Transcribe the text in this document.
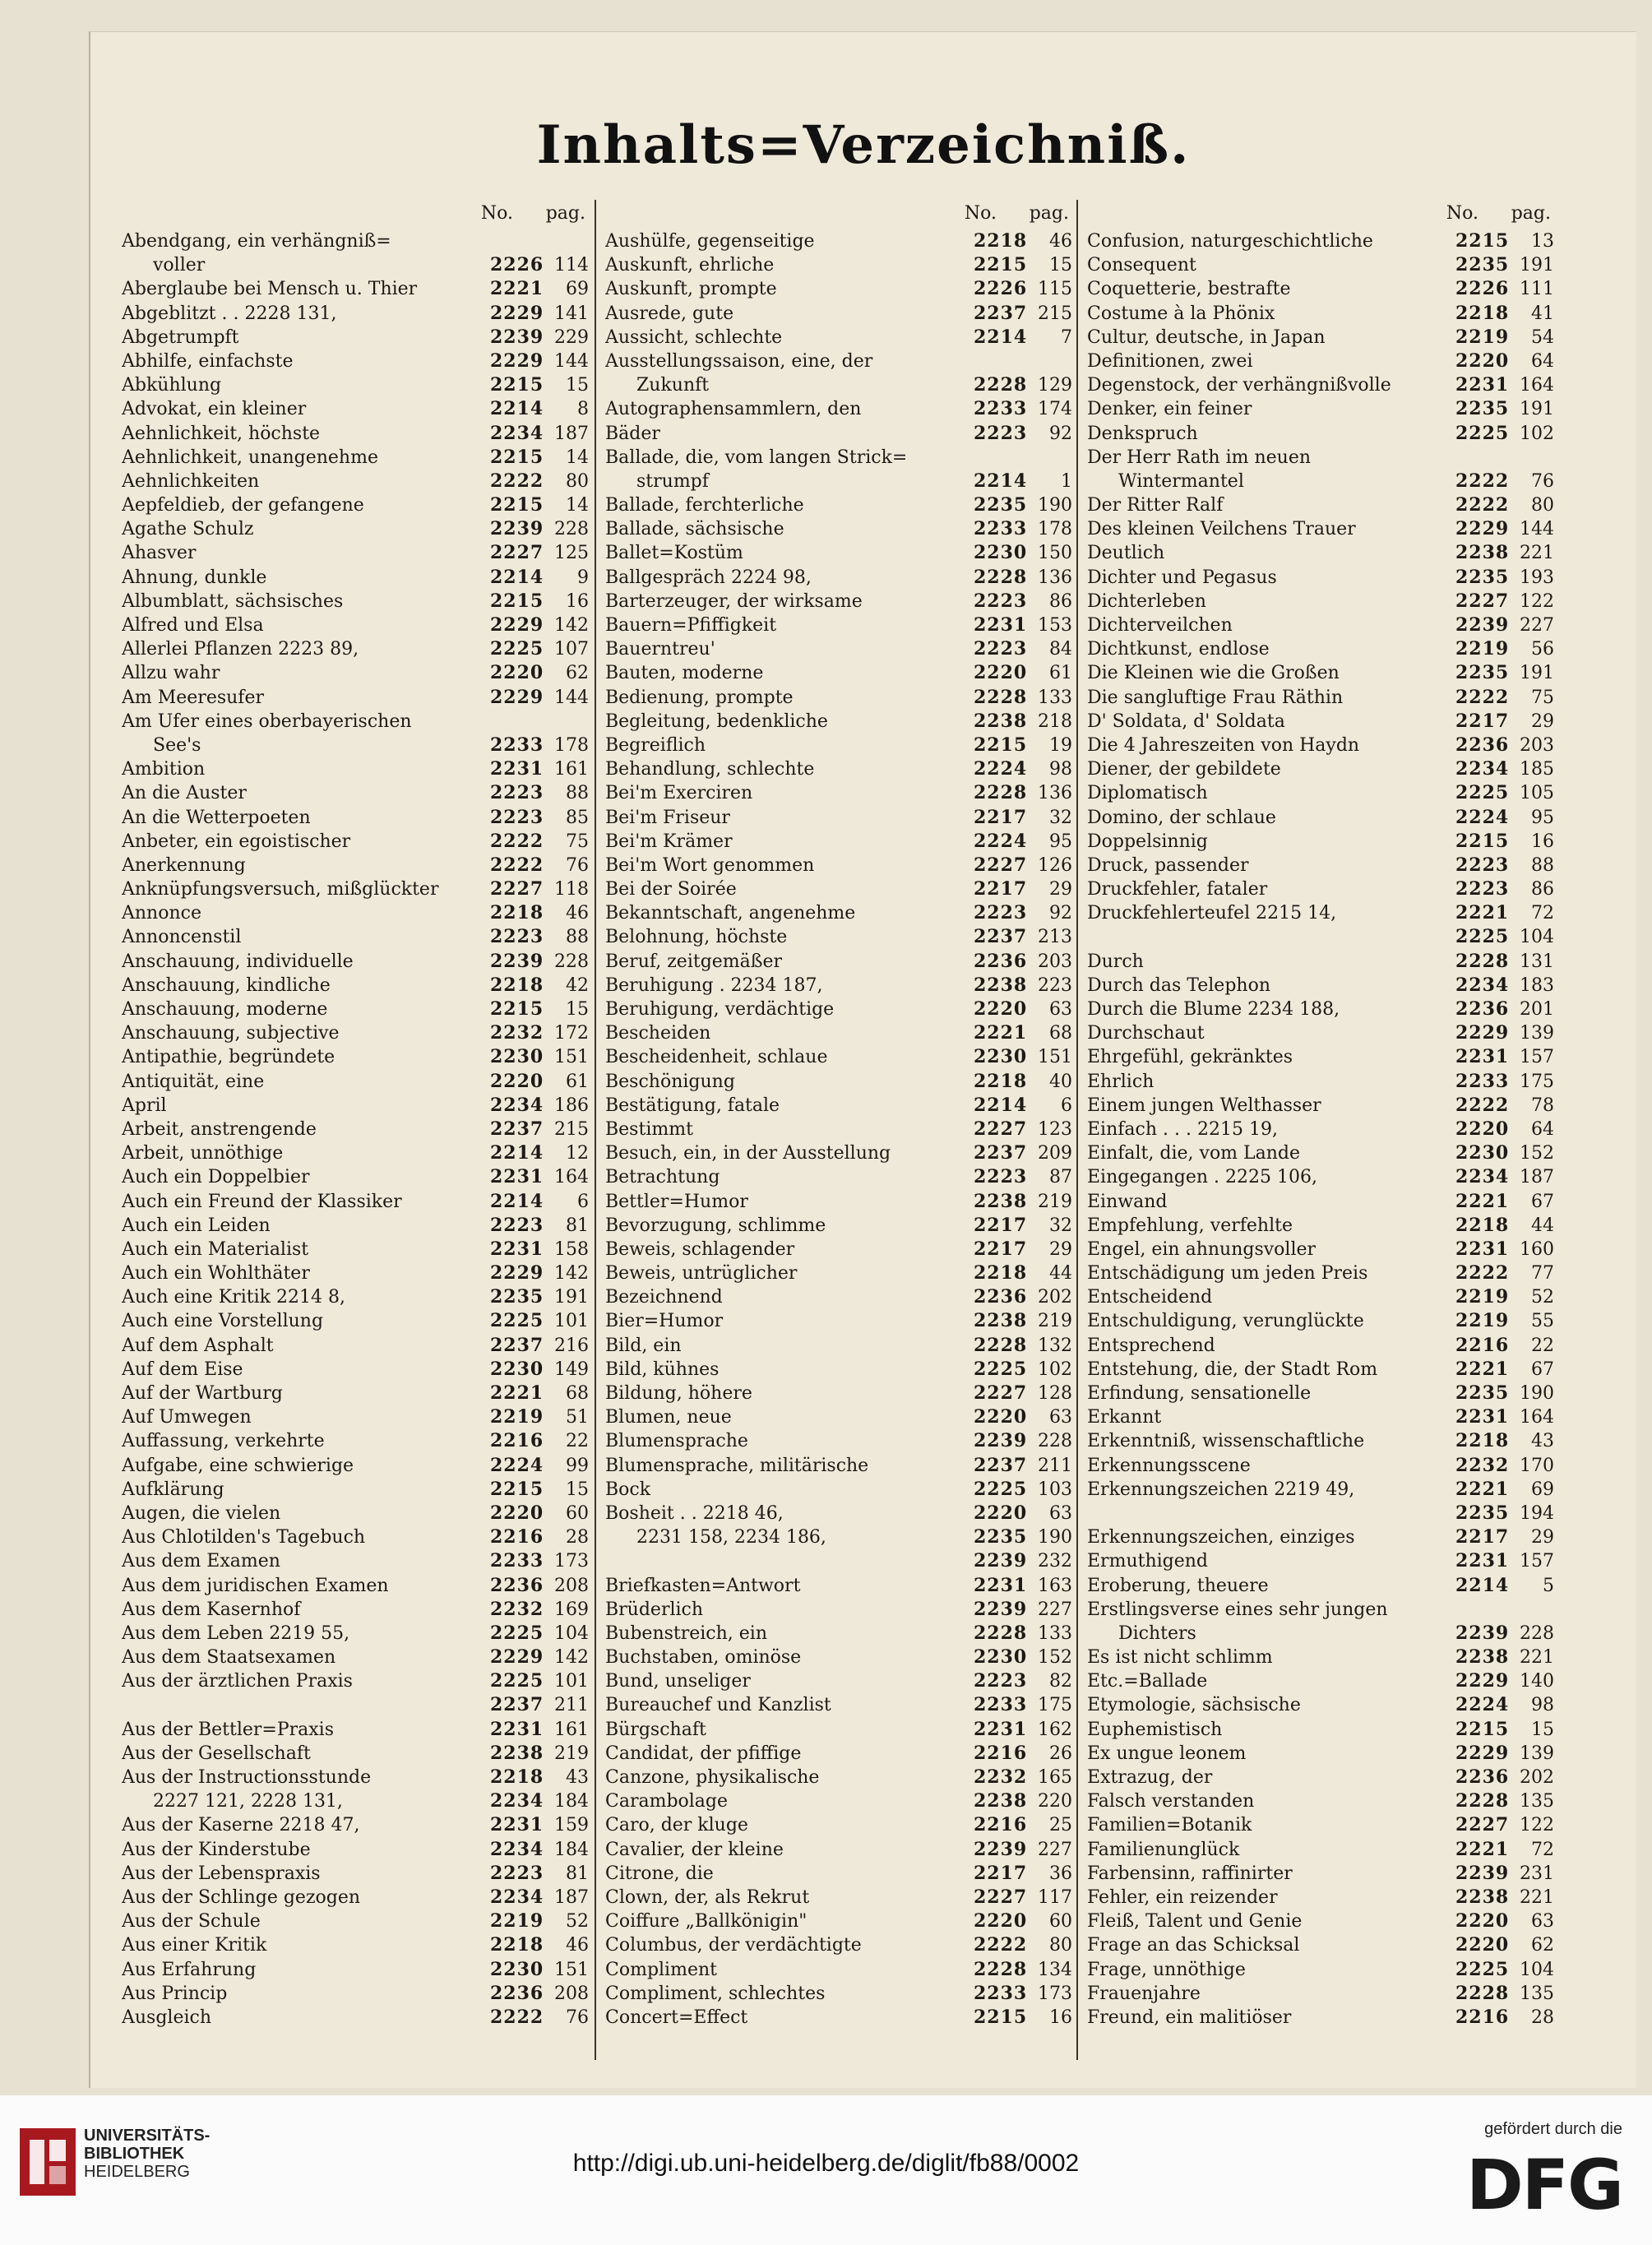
Inhalts=Verzeichniß.
No. pag.
Abendgang, ein verhängniß=
voller	2226 114
Aberglaube bei Mensch u. Thier	2221	69
Abgeblitzt . . 2228 131,	2229 141
Abgetrumpft	2239 229
Abhilfe, einfachste	2229 144
Abkühlung	2215	15
Advokat, ein kleiner	2214	8
Aehnlichkeit, höchste	2234 187
Aehnlichkeit, unangenehme	2215	14
Aehnlichkeiten	2222	80
Aepfeldieb, der gefangene	2215	14
Agathe Schulz	2239 228
Ahasver	2227 125
Ahnung, dunkle	2214	9
Albumblatt, sächsisches	2215	16
Alfred und Elsa	2229 142
Allerlei Pflanzen 2223 89,	2225 107
Allzu wahr	2220	62
Am Meeresufer	2229 144
Am Ufer eines oberbayerischen
See's	2233 178
Ambition	2231 161
An die Auster	2223	88
An die Wetterpoeten	2223	85
Anbeter, ein egoistischer	2222	75
Anerkennung	2222	76
Anknüpfungsversuch, mißglückter	2227 118
Annonce	2218	46
Annoncenstil	2223	88
Anschauung, individuelle	2239 228
Anschauung, kindliche	2218	42
Anschauung, moderne	2215	15
Anschauung, subjective	2232 172
Antipathie, begründete	2230 151
Antiquität, eine	2220	61
April	2234 186
Arbeit, anstrengende	2237 215
Arbeit, unnöthige	2214	12
Auch ein Doppelbier	2231 164
Auch ein Freund der Klassiker	2214	6
Auch ein Leiden	2223	81
Auch ein Materialist	2231 158
Auch ein Wohlthäter	2229 142
Auch eine Kritik 2214 8,	2235 191
Auch eine Vorstellung	2225 101
Auf dem Asphalt	2237 216
Auf dem Eise	2230 149
Auf der Wartburg	2221	68
Auf Umwegen	2219	51
Auffassung, verkehrte	2216	22
Aufgabe, eine schwierige	2224	99
Aufklärung	2215	15
Augen, die vielen	2220	60
Aus Chlotilden's Tagebuch	2216	28
Aus dem Examen	2233 173
Aus dem juridischen Examen	2236 208
Aus dem Kasernhof	2232 169
Aus dem Leben 2219 55,	2225 104
Aus dem Staatsexamen	2229 142
Aus der ärztlichen Praxis	2225 101
2237 211
Aus der Bettler=Praxis	2231 161
Aus der Gesellschaft	2238 219
Aus der Instructionsstunde	2218	43
2227 121, 2228 131,	2234 184
Aus der Kaserne 2218 47,	2231 159
Aus der Kinderstube	2234 184
Aus der Lebenspraxis	2223	81
Aus der Schlinge gezogen	2234 187
Aus der Schule	2219	52
Aus einer Kritik	2218	46
Aus Erfahrung	2230 151
Aus Princip	2236 208
Ausgleich	2222	76
No. pag.
Aushülfe, gegenseitige	2218	46
Auskunft, ehrliche	2215	15
Auskunft, prompte	2226 115
Ausrede, gute	2237 215
Aussicht, schlechte	2214	7
Ausstellungssaison, eine, der
Zukunft	2228 129
Autographensammlern, den	2233 174
Bäder	2223	92
Ballade, die, vom langen Strick=
strumpf	2214	1
Ballade, ferchterliche	2235 190
Ballade, sächsische	2233 178
Ballet=Kostüm	2230 150
Ballgespräch 2224 98,	2228 136
Barterzeuger, der wirksame	2223	86
Bauern=Pfiffigkeit	2231 153
Bauerntreu'	2223	84
Bauten, moderne	2220	61
Bedienung, prompte	2228 133
Begleitung, bedenkliche	2238 218
Begreiflich	2215	19
Behandlung, schlechte	2224	98
Bei'm Exerciren	2228 136
Bei'm Friseur	2217	32
Bei'm Krämer	2224	95
Bei'm Wort genommen	2227 126
Bei der Soirée	2217	29
Bekanntschaft, angenehme	2223	92
Belohnung, höchste	2237 213
Beruf, zeitgemäßer	2236 203
Beruhigung . 2234 187,	2238 223
Beruhigung, verdächtige	2220	63
Bescheiden	2221	68
Bescheidenheit, schlaue	2230 151
Beschönigung	2218	40
Bestätigung, fatale	2214	6
Bestimmt	2227 123
Besuch, ein, in der Ausstellung	2237 209
Betrachtung	2223	87
Bettler=Humor	2238 219
Bevorzugung, schlimme	2217	32
Beweis, schlagender	2217	29
Beweis, untrüglicher	2218	44
Bezeichnend	2236 202
Bier=Humor	2238 219
Bild, ein	2228 132
Bild, kühnes	2225 102
Bildung, höhere	2227 128
Blumen, neue	2220	63
Blumensprache	2239 228
Blumensprache, militärische	2237 211
Bock	2225 103
Bosheit . . 2218 46,	2220	63
2231 158, 2234 186,	2235 190
2239 232
Briefkasten=Antwort	2231 163
Brüderlich	2239 227
Bubenstreich, ein	2228 133
Buchstaben, ominöse	2230 152
Bund, unseliger	2223	82
Bureauchef und Kanzlist	2233 175
Bürgschaft	2231 162
Candidat, der pfiffige	2216	26
Canzone, physikalische	2232 165
Carambolage	2238 220
Caro, der kluge	2216	25
Cavalier, der kleine	2239 227
Citrone, die	2217	36
Clown, der, als Rekrut	2227 117
Coiffure „Ballkönigin"	2220	60
Columbus, der verdächtigte	2222	80
Compliment	2228 134
Compliment, schlechtes	2233 173
Concert=Effect	2215	16
No. pag.
Confusion, naturgeschichtliche	2215	13
Consequent	2235 191
Coquetterie, bestrafte	2226 111
Costume à la Phönix	2218	41
Cultur, deutsche, in Japan	2219	54
Definitionen, zwei	2220	64
Degenstock, der verhängnißvolle	2231 164
Denker, ein feiner	2235 191
Denkspruch	2225 102
Der Herr Rath im neuen
Wintermantel	2222	76
Der Ritter Ralf	2222	80
Des kleinen Veilchens Trauer	2229 144
Deutlich	2238 221
Dichter und Pegasus	2235 193
Dichterleben	2227 122
Dichterveilchen	2239 227
Dichtkunst, endlose	2219	56
Die Kleinen wie die Großen	2235 191
Die sangluftige Frau Räthin	2222	75
D' Soldata, d' Soldata	2217	29
Die 4 Jahreszeiten von Haydn	2236 203
Diener, der gebildete	2234 185
Diplomatisch	2225 105
Domino, der schlaue	2224	95
Doppelsinnig	2215	16
Druck, passender	2223	88
Druckfehler, fataler	2223	86
Druckfehlerteufel 2215 14,	2221	72
2225 104
Durch	2228 131
Durch das Telephon	2234 183
Durch die Blume 2234 188,	2236 201
Durchschaut	2229 139
Ehrgefühl, gekränktes	2231 157
Ehrlich	2233 175
Einem jungen Welthasser	2222	78
Einfach . . . 2215 19,	2220	64
Einfalt, die, vom Lande	2230 152
Eingegangen . 2225 106,	2234 187
Einwand	2221	67
Empfehlung, verfehlte	2218	44
Engel, ein ahnungsvoller	2231 160
Entschädigung um jeden Preis	2222	77
Entscheidend	2219	52
Entschuldigung, verunglückte	2219	55
Entsprechend	2216	22
Entstehung, die, der Stadt Rom	2221	67
Erfindung, sensationelle	2235 190
Erkannt	2231 164
Erkenntniß, wissenschaftliche	2218	43
Erkennungsscene	2232 170
Erkennungszeichen 2219 49,	2221	69
2235 194
Erkennungszeichen, einziges	2217	29
Ermuthigend	2231 157
Eroberung, theuere	2214	5
Erstlingsverse eines sehr jungen
Dichters	2239 228
Es ist nicht schlimm	2238 221
Etc.=Ballade	2229 140
Etymologie, sächsische	2224	98
Euphemistisch	2215	15
Ex ungue leonem	2229 139
Extrazug, der	2236 202
Falsch verstanden	2228 135
Familien=Botanik	2227 122
Familienunglück	2221	72
Farbensinn, raffinirter	2239 231
Fehler, ein reizender	2238 221
Fleiß, Talent und Genie	2220	63
Frage an das Schicksal	2220	62
Frage, unnöthige	2225 104
Frauenjahre	2228 135
Freund, ein malitiöser	2216	28
UNIVERSITÄTS-
BIBLIOTHEK
HEIDELBERG	http://digi.ub.uni-heidelberg.de/diglit/fb88/0002
gefördert durch die
DFG
